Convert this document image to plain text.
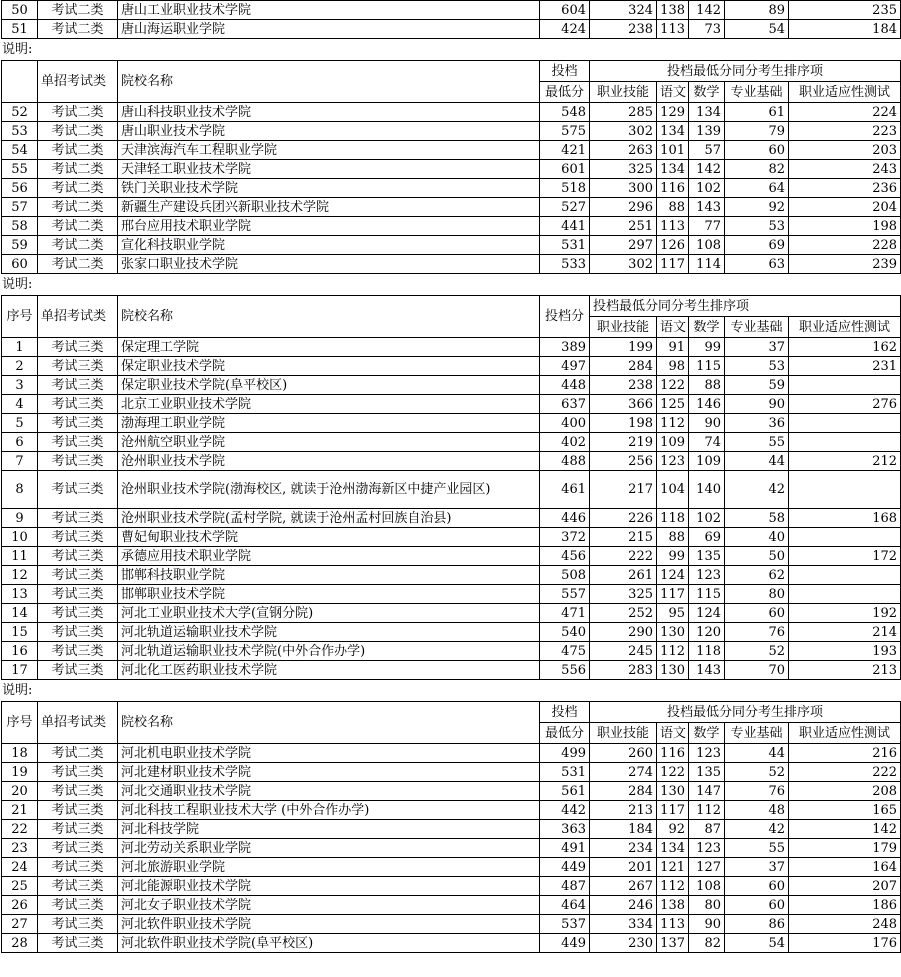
50	考试二类	唐山工业职业技术学院	604	324	138	142	89	235
51	考试二类	唐山海运职业学院	424	238	113	73	54	184
说明:
	单招考试类	院校名称	投档	投档最低分同分考生排序项				
			最低分	职业技能	语文	数学	专业基础	职业适应性测试
52	考试二类	唐山科技职业技术学院	548	285	129	134	61	224
53	考试二类	唐山职业技术学院	575	302	134	139	79	223
54	考试二类	天津滨海汽车工程职业学院	421	263	101	57	60	203
55	考试二类	天津轻工职业技术学院	601	325	134	142	82	243
56	考试二类	铁门关职业技术学院	518	300	116	102	64	236
57	考试二类	新疆生产建设兵团兴新职业技术学院	527	296	88	143	92	204
58	考试二类	邢台应用技术职业学院	441	251	113	77	53	198
59	考试二类	宣化科技职业学院	531	297	126	108	69	228
60	考试二类	张家口职业技术学院	533	302	117	114	63	239
说明:
序号	单招考试类	院校名称	投档分	投档最低分同分考生排序项				
				职业技能	语文	数学	专业基础	职业适应性测试
1	考试三类	保定理工学院	389	199	91	99	37	162
2	考试三类	保定职业技术学院	497	284	98	115	53	231
3	考试三类	保定职业技术学院(阜平校区)	448	238	122	88	59	
4	考试三类	北京工业职业技术学院	637	366	125	146	90	276
5	考试三类	渤海理工职业学院	400	198	112	90	36	
6	考试三类	沧州航空职业学院	402	219	109	74	55	
7	考试三类	沧州职业技术学院	488	256	123	109	44	212
8	考试三类	沧州职业技术学院(渤海校区, 就读于沧州渤海新区中捷产业园区)	461	217	104	140	42	
9	考试三类	沧州职业技术学院(孟村学院, 就读于沧州孟村回族自治县)	446	226	118	102	58	168
10	考试三类	曹妃甸职业技术学院	372	215	88	69	40	
11	考试三类	承德应用技术职业学院	456	222	99	135	50	172
12	考试三类	邯郸科技职业学院	508	261	124	123	62	
13	考试三类	邯郸职业技术学院	557	325	117	115	80	
14	考试三类	河北工业职业技术大学(宣钢分院)	471	252	95	124	60	192
15	考试三类	河北轨道运输职业技术学院	540	290	130	120	76	214
16	考试三类	河北轨道运输职业技术学院(中外合作办学)	475	245	112	118	52	193
17	考试三类	河北化工医药职业技术学院	556	283	130	143	70	213
说明:
序号	单招考试类	院校名称	投档	投档最低分同分考生排序项				
			最低分	职业技能	语文	数学	专业基础	职业适应性测试
18	考试二类	河北机电职业技术学院	499	260	116	123	44	216
19	考试三类	河北建材职业技术学院	531	274	122	135	52	222
20	考试三类	河北交通职业技术学院	561	284	130	147	76	208
21	考试三类	河北科技工程职业技术大学 (中外合作办学)	442	213	117	112	48	165
22	考试三类	河北科技学院	363	184	92	87	42	142
23	考试三类	河北劳动关系职业学院	491	234	134	123	55	179
24	考试三类	河北旅游职业学院	449	201	121	127	37	164
25	考试三类	河北能源职业技术学院	487	267	112	108	60	207
26	考试三类	河北女子职业技术学院	464	246	138	80	60	186
27	考试三类	河北软件职业技术学院	537	334	113	90	86	248
28	考试三类	河北软件职业技术学院(阜平校区)	449	230	137	82	54	176
